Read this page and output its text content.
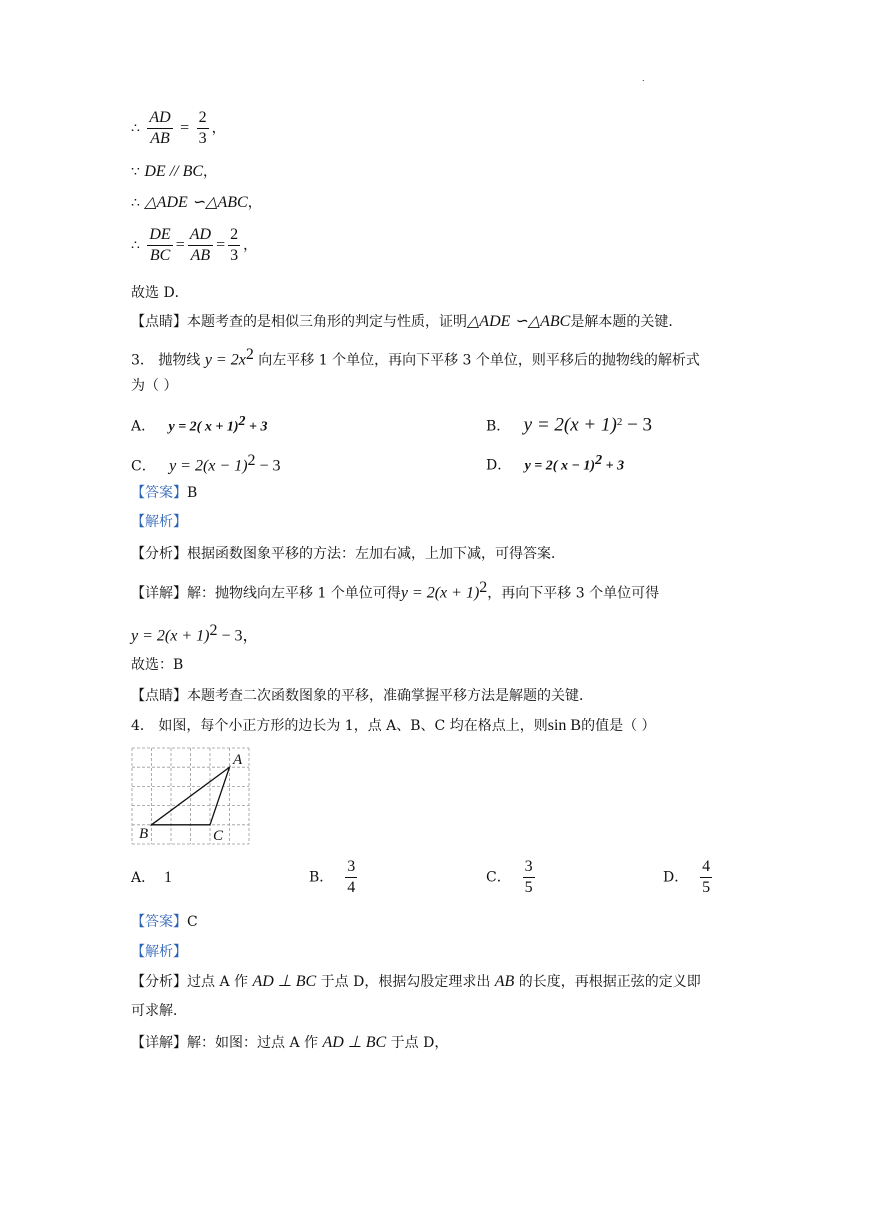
.
∴ $\frac{AD}{AB} = \frac{2}{3}$ ，
∵ DE // BC，
∴ △ADE ∽△ABC，
∴ $\frac{DE}{BC} = \frac{AD}{AB} = \frac{2}{3}$ ，
故选 D．
【点睛】本题考查的是相似三角形的判定与性质，证明△ADE ∽△ABC是解本题的关键．
3． 抛物线 $y = 2x^2$ 向左平移 1 个单位，再向下平移 3 个单位，则平移后的抛物线的解析式
为（ ）
A． y = 2( x + 1)$^2$ + 3	B． $y = 2(x + 1)^2 - 3$
C． $y = 2(x - 1)^2 - 3$	D． y = 2( x − 1)$^2$ + 3
【答案】B
【解析】
【分析】根据函数图象平移的方法：左加右减，上加下减，可得答案．
【详解】解：抛物线向左平移 1 个单位可得$y = 2(x + 1)^2$，再向下平移 3 个单位可得
$y = 2(x + 1)^2 - 3$，
故选：B
【点睛】本题考查二次函数图象的平移，准确掌握平移方法是解题的关键．
4． 如图，每个小正方形的边长为 1，点 A、B、C 均在格点上，则sin B的值是（ ）
A
B	C
A． 1	B． $\frac{3}{4}$	C． $\frac{3}{5}$	D． $\frac{4}{5}$
【答案】C
【解析】
【分析】过点 A 作 AD ⊥ BC 于点 D，根据勾股定理求出 AB 的长度，再根据正弦的定义即
可求解．
【详解】解：如图：过点 A 作 AD ⊥ BC 于点 D，
